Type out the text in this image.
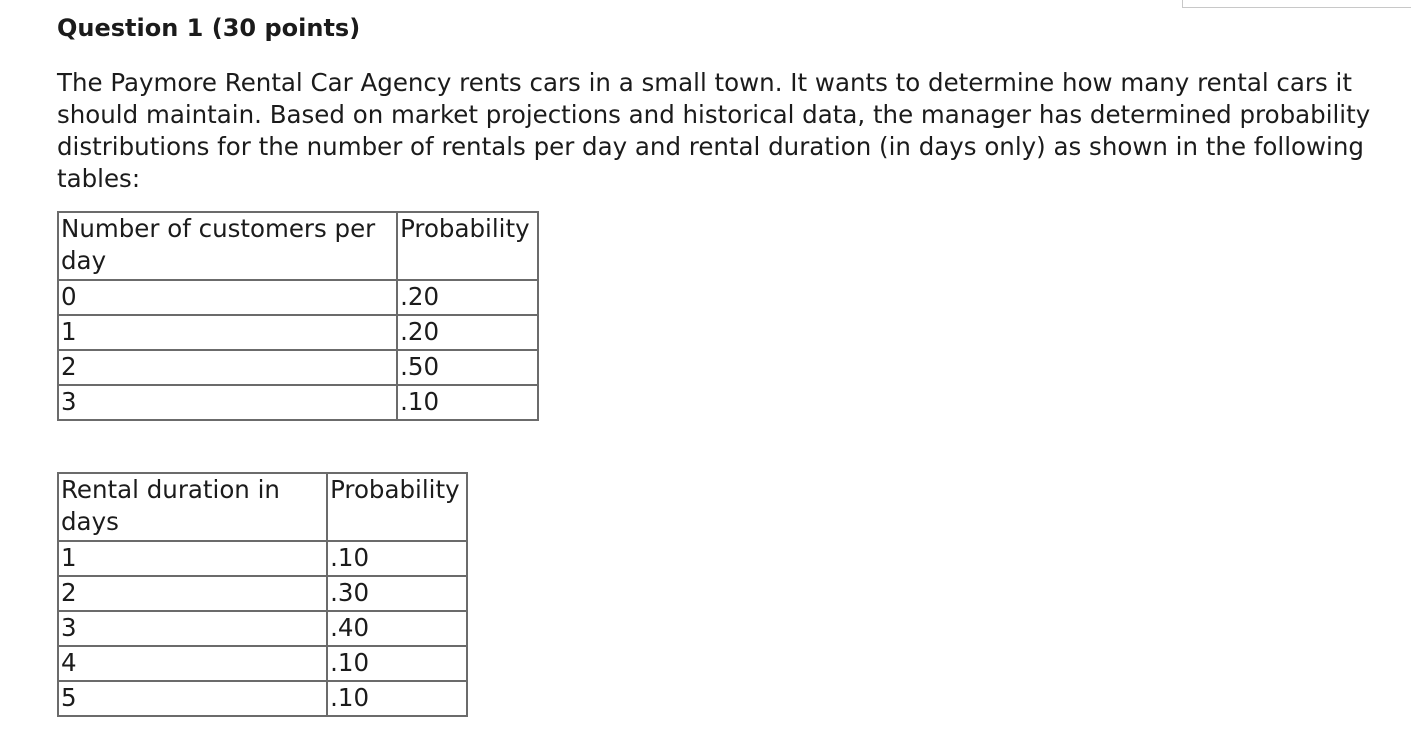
Question 1 (30 points)

The Paymore Rental Car Agency rents cars in a small town. It wants to determine how many rental cars it should maintain. Based on market projections and historical data, the manager has determined probability distributions for the number of rentals per day and rental duration (in days only) as shown in the following tables:

Number of customers per day	Probability
0	.20
1	.20
2	.50
3	.10
Rental duration in days	Probability
1	.10
2	.30
3	.40
4	.10
5	.10
